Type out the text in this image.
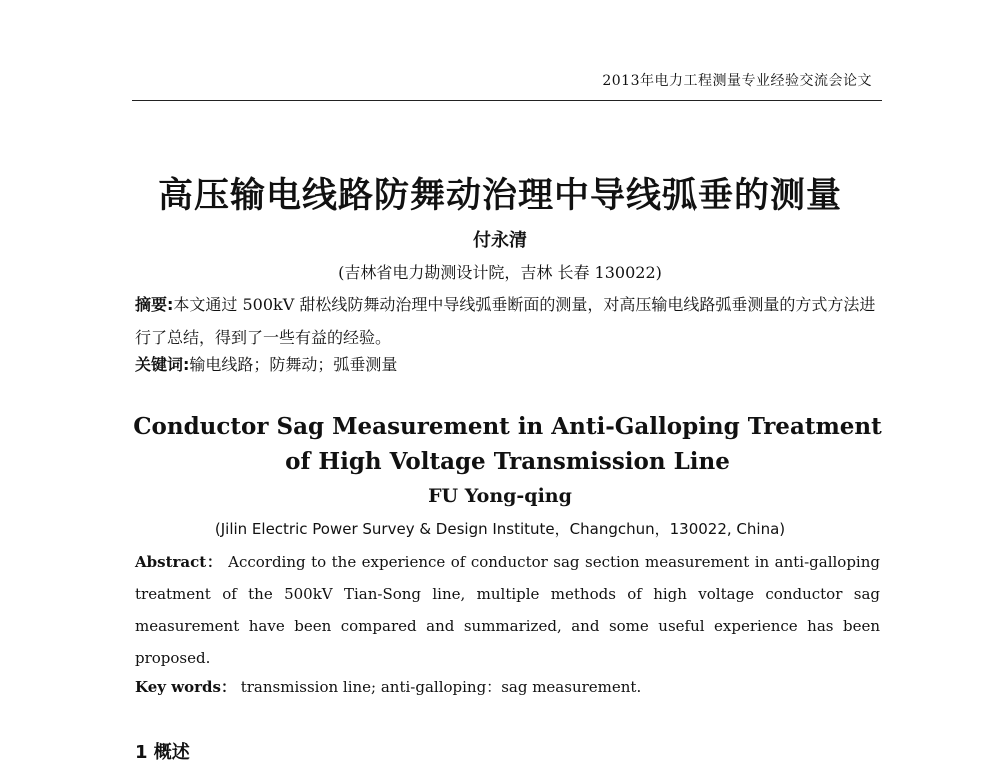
2013年电力工程测量专业经验交流会论文
高压输电线路防舞动治理中导线弧垂的测量
付永清
(吉林省电力勘测设计院，吉林 长春 130022)
摘要:本文通过 500kV 甜松线防舞动治理中导线弧垂断面的测量，对高压输电线路弧垂测量的方式方法进行了总结，得到了一些有益的经验。
关键词:输电线路；防舞动；弧垂测量
Conductor Sag Measurement in Anti-Galloping Treatment of High Voltage Transmission Line
FU Yong-qing
(Jilin Electric Power Survey & Design Institute，Changchun，130022, China)
Abstract： According to the experience of conductor sag section measurement in anti-galloping treatment of the 500kV Tian-Song line, multiple methods of high voltage conductor sag measurement have been compared and summarized, and some useful experience has been proposed.
Key words： transmission line; anti-galloping：sag measurement.
1 概述
